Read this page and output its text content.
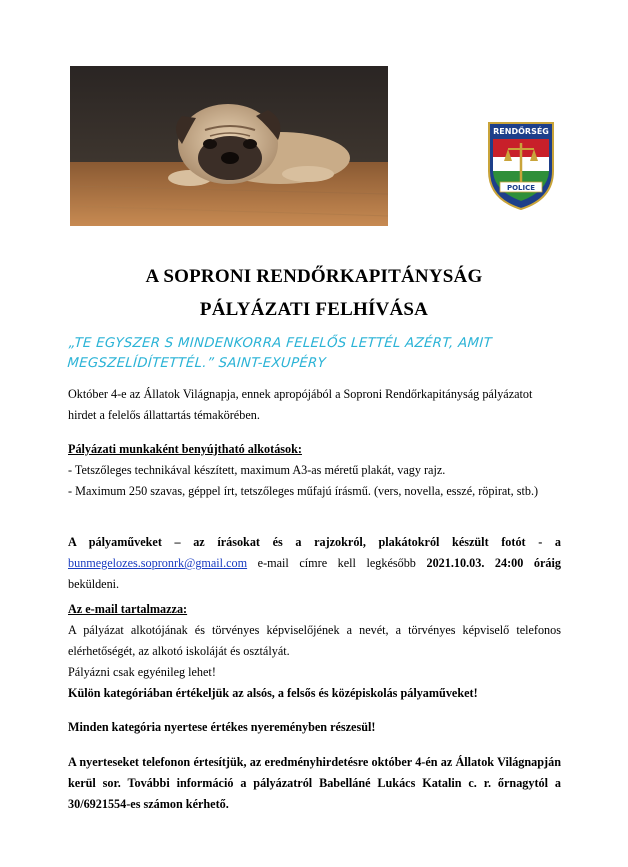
RENDŐRSÉG
POLICE
A SOPRONI RENDŐRKAPITÁNYSÁG
PÁLYÁZATI FELHÍVÁSA
„TE EGYSZER S MINDENKORRA FELELŐS LETTÉL AZÉRT, AMIT
MEGSZELÍDÍTETTÉL.” SAINT-EXUPÉRY
Október 4-e az Állatok Világnapja, ennek apropójából a Soproni Rendőrkapitányság pályázatot
hirdet a felelős állattartás témakörében.
Pályázati munkaként benyújtható alkotások:
- Tetszőleges technikával készített, maximum A3-as méretű plakát, vagy rajz.
- Maximum 250 szavas, géppel írt, tetszőleges műfajú írásmű. (vers, novella, esszé, röpirat, stb.)
A pályaműveket – az írásokat és a rajzokról, plakátokról készült fotót - a bunmegelozes.sopronrk@gmail.com e-mail címre kell legkésőbb 2021.10.03. 24:00 óráig beküldeni.
Az e-mail tartalmazza:
A pályázat alkotójának és törvényes képviselőjének a nevét, a törvényes képviselő telefonos elérhetőségét, az alkotó iskoláját és osztályát.
Pályázni csak egyénileg lehet!
Külön kategóriában értékeljük az alsós, a felsős és középiskolás pályaműveket!
Minden kategória nyertese értékes nyereményben részesül!
A nyerteseket telefonon értesítjük, az eredményhirdetésre október 4-én az Állatok Világnapján kerül sor. További információ a pályázatról Babelláné Lukács Katalin c. r. őrnagytól a 30/6921554-es számon kérhető.
